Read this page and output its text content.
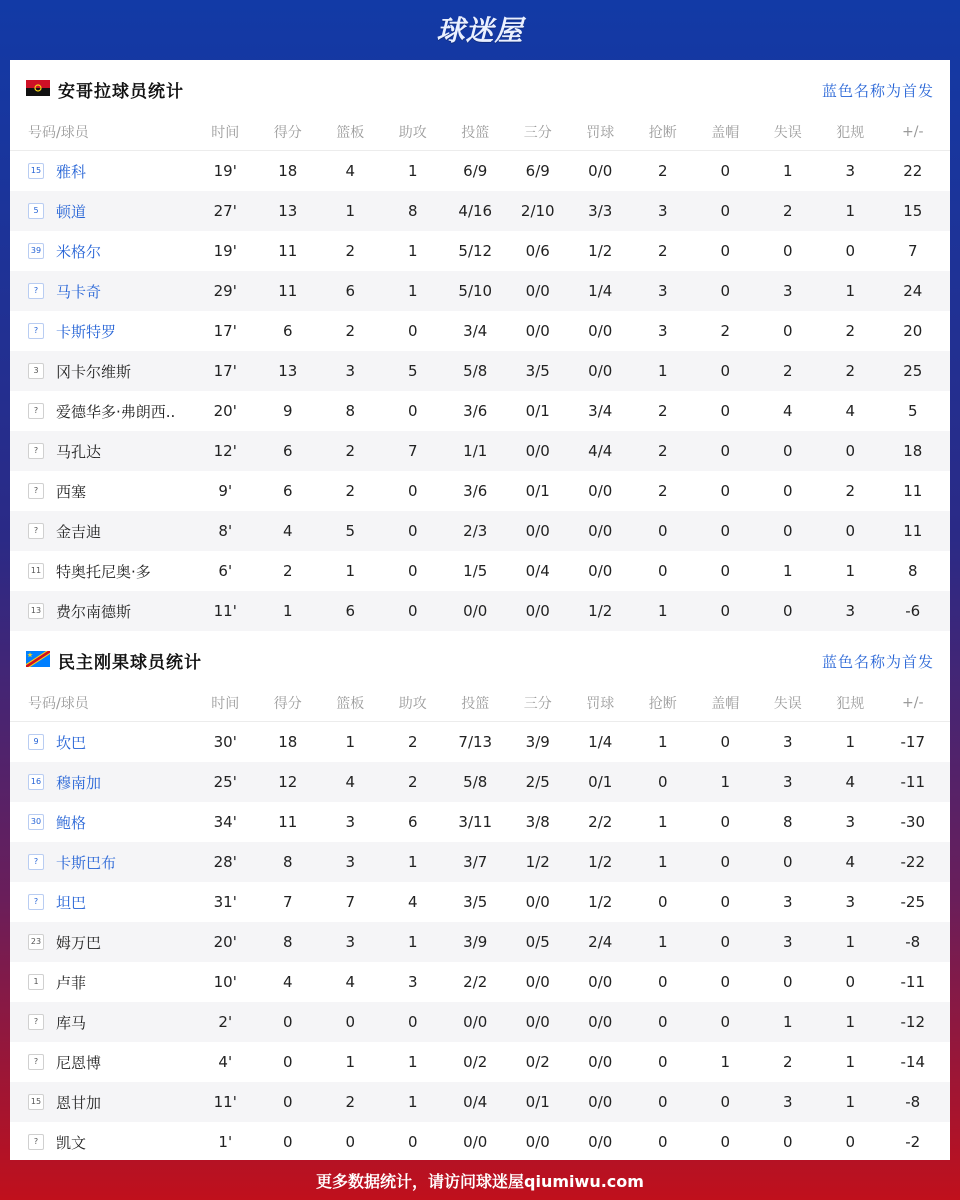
球迷屋
安哥拉球员统计	蓝色名称为首发
号码/球员	时间	得分	篮板	助攻	投篮	三分	罚球	抢断	盖帽	失误	犯规	+/-
15 雅科	19'	18	4	1	6/9	6/9	0/0	2	0	1	3	22
5	顿道	27'	13	1	8	4/16	2/10	3/3	3	0	2	1	15
39 米格尔	19'	11	2	1	5/12	0/6	1/2	2	0	0	0	7
?	马卡奇	29'	11	6	1	5/10	0/0	1/4	3	0	3	1	24
?	卡斯特罗	17'	6	2	0	3/4	0/0	0/0	3	2	0	2	20
3	冈卡尔维斯	17'	13	3	5	5/8	3/5	0/0	1	0	2	2	25
?	爱德华多·弗朗西..	20'	9	8	0	3/6	0/1	3/4	2	0	4	4	5
?	马孔达	12'	6	2	7	1/1	0/0	4/4	2	0	0	0	18
?	西塞	9'	6	2	0	3/6	0/1	0/0	2	0	0	2	11
?	金吉迪	8'	4	5	0	2/3	0/0	0/0	0	0	0	0	11
11 特奥托尼奥·多	6'	2	1	0	1/5	0/4	0/0	0	0	1	1	8
13 费尔南德斯	11'	1	6	0	0/0	0/0	1/2	1	0	0	3	-6
民主刚果球员统计	蓝色名称为首发
号码/球员	时间	得分	篮板	助攻	投篮	三分	罚球	抢断	盖帽	失误	犯规	+/-
9	坎巴	30'	18	1	2	7/13	3/9	1/4	1	0	3	1	-17
16 穆南加	25'	12	4	2	5/8	2/5	0/1	0	1	3	4	-11
30 鲍格	34'	11	3	6	3/11	3/8	2/2	1	0	8	3	-30
?	卡斯巴布	28'	8	3	1	3/7	1/2	1/2	1	0	0	4	-22
?	坦巴	31'	7	7	4	3/5	0/0	1/2	0	0	3	3	-25
23 姆万巴	20'	8	3	1	3/9	0/5	2/4	1	0	3	1	-8
1	卢菲	10'	4	4	3	2/2	0/0	0/0	0	0	0	0	-11
?	库马	2'	0	0	0	0/0	0/0	0/0	0	0	1	1	-12
?	尼恩博	4'	0	1	1	0/2	0/2	0/0	0	1	2	1	-14
15 恩甘加	11'	0	2	1	0/4	0/1	0/0	0	0	3	1	-8
?	凯文	1'	0	0	0	0/0	0/0	0/0	0	0	0	0	-2
更多数据统计，请访问球迷屋qiumiwu.com
